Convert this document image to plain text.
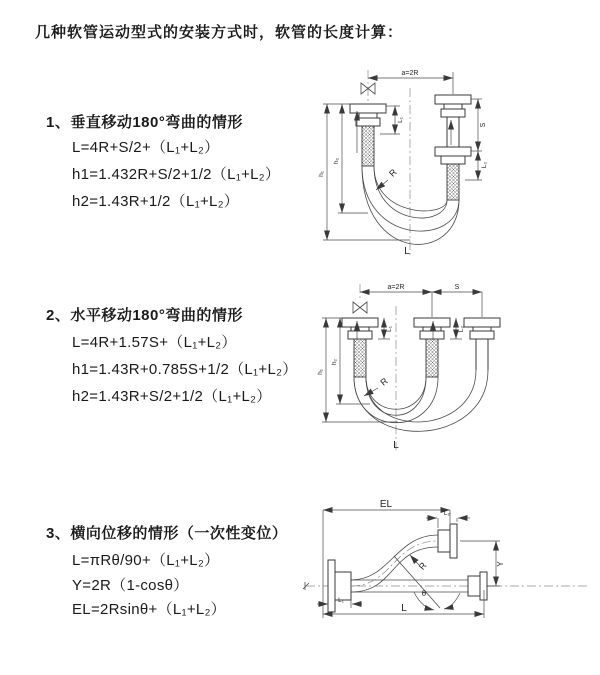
几种软管运动型式的安装方式时，软管的长度计算：
1、垂直移动180°弯曲的情形
L=4R+S/2+（L₁+L₂）
h1=1.432R+S/2+1/2（L₁+L₂）
h2=1.43R+1/2（L₁+L₂）
2、水平移动180°弯曲的情形
L=4R+1.57S+（L₁+L₂）
h1=1.43R+0.785S+1/2（L₁+L₂）
h2=1.43R+S/2+1/2（L₁+L₂）
3、横向位移的情形（一次性变位）
L=πRθ/90+（L₁+L₂）
Y=2R（1-cosθ）
EL=2Rsinθ+（L₁+L₂）
a=2R
S
L₂
L₁
h₂
h₁	R
L
a=2R	S
L₁	L₂
h₂
h₁
R
L
θ
R
EL
L₂
Y
L
L₁
